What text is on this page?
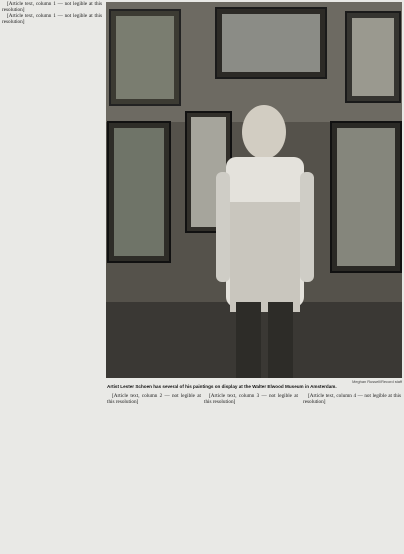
[Article text, column 1 — not legible at this resolution]

[Article text, column 1 — not legible at this resolution]

Meghan Russell/Record staff
Artist Lester Schoen has several of his paintings on display at the Walter Elwood Museum in Amsterdam.

[Article text, column 2 — not legible at this resolution]

[Article text, column 3 — not legible at this resolution]

[Article text, column 4 — not legible at this resolution]
